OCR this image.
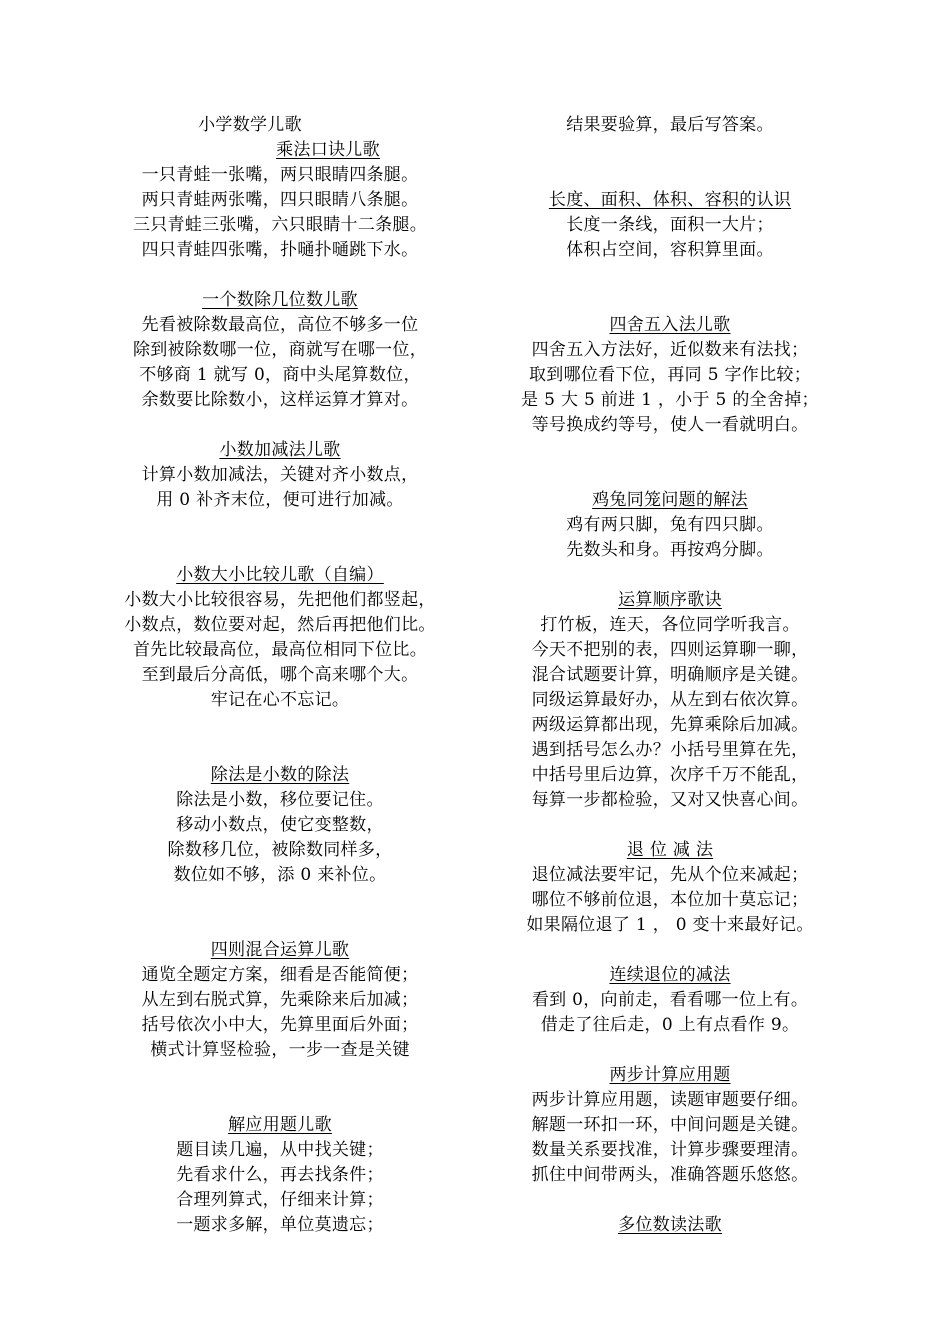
小学数学儿歌
乘法口诀儿歌
一只青蛙一张嘴，两只眼睛四条腿。
两只青蛙两张嘴，四只眼睛八条腿。
三只青蛙三张嘴，六只眼睛十二条腿。
四只青蛙四张嘴，扑嗵扑嗵跳下水。
一个数除几位数儿歌
先看被除数最高位，高位不够多一位
除到被除数哪一位，商就写在哪一位，
不够商 1 就写 0，商中头尾算数位，
余数要比除数小，这样运算才算对。
小数加减法儿歌
计算小数加减法，关键对齐小数点，
用 0 补齐末位，便可进行加减。
小数大小比较儿歌（自编）
小数大小比较很容易，先把他们都竖起，
小数点，数位要对起，然后再把他们比。
首先比较最高位，最高位相同下位比。
至到最后分高低，哪个高来哪个大。
牢记在心不忘记。
除法是小数的除法
除法是小数，移位要记住。
移动小数点，使它变整数，
除数移几位，被除数同样多，
数位如不够，添 0 来补位。
四则混合运算儿歌
通览全题定方案，细看是否能简便；
从左到右脱式算，先乘除来后加减；
括号依次小中大，先算里面后外面；
横式计算竖检验，一步一查是关键
解应用题儿歌
题目读几遍，从中找关键；
先看求什么，再去找条件；
合理列算式，仔细来计算；
一题求多解，单位莫遗忘；
结果要验算，最后写答案。
长度、面积、体积、容积的认识
长度一条线，面积一大片；
体积占空间，容积算里面。
四舍五入法儿歌
四舍五入方法好，近似数来有法找；
取到哪位看下位，再同 5 字作比较；
是 5 大 5 前进 1 ，小于 5 的全舍掉；
等号换成约等号，使人一看就明白。
鸡兔同笼问题的解法
鸡有两只脚，兔有四只脚。
先数头和身。再按鸡分脚。
运算顺序歌诀
打竹板，连天，各位同学听我言。
今天不把别的表，四则运算聊一聊，
混合试题要计算，明确顺序是关键。
同级运算最好办，从左到右依次算。
两级运算都出现，先算乘除后加减。
遇到括号怎么办？小括号里算在先，
中括号里后边算，次序千万不能乱，
每算一步都检验，又对又快喜心间。
退 位 减 法
退位减法要牢记，先从个位来减起；
哪位不够前位退，本位加十莫忘记；
如果隔位退了 1 ， 0 变十来最好记。
连续退位的减法
看到 0，向前走，看看哪一位上有。
借走了往后走，0 上有点看作 9。
两步计算应用题
两步计算应用题，读题审题要仔细。
解题一环扣一环，中间问题是关键。
数量关系要找准，计算步骤要理清。
抓住中间带两头，准确答题乐悠悠。
多位数读法歌
